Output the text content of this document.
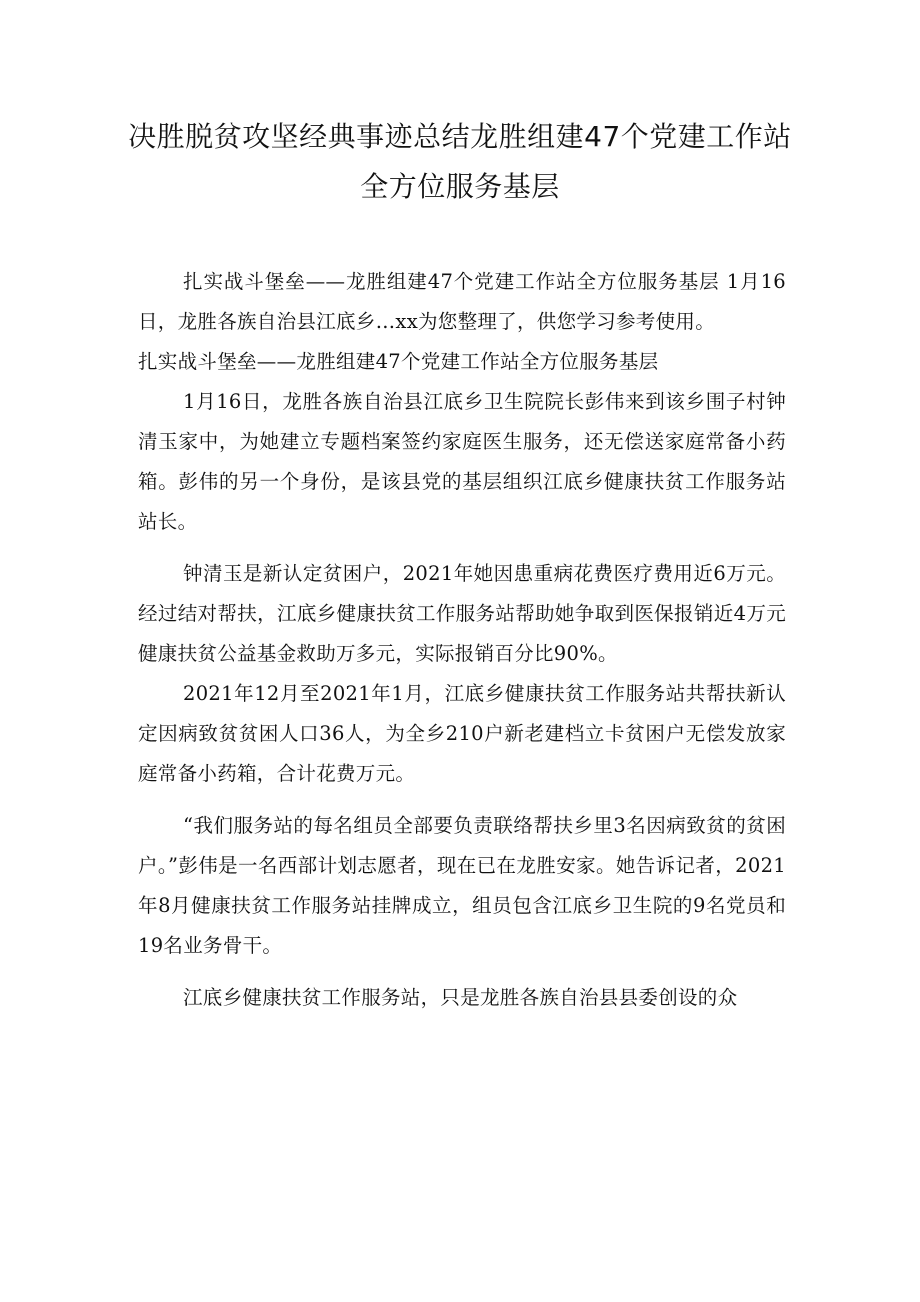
决胜脱贫攻坚经典事迹总结龙胜组建47个党建工作站全方位服务基层

扎实战斗堡垒——龙胜组建47个党建工作站全方位服务基层 1月16日，龙胜各族自治县江底乡…xx为您整理了，供您学习参考使用。

扎实战斗堡垒——龙胜组建47个党建工作站全方位服务基层

1月16日，龙胜各族自治县江底乡卫生院院长彭伟来到该乡围子村钟清玉家中，为她建立专题档案签约家庭医生服务，还无偿送家庭常备小药箱。彭伟的另一个身份，是该县党的基层组织江底乡健康扶贫工作服务站站长。

钟清玉是新认定贫困户，2021年她因患重病花费医疗费用近6万元。经过结对帮扶，江底乡健康扶贫工作服务站帮助她争取到医保报销近4万元健康扶贫公益基金救助万多元，实际报销百分比90%。

2021年12月至2021年1月，江底乡健康扶贫工作服务站共帮扶新认定因病致贫贫困人口36人，为全乡210户新老建档立卡贫困户无偿发放家庭常备小药箱，合计花费万元。

“我们服务站的每名组员全部要负责联络帮扶乡里3名因病致贫的贫困户。”彭伟是一名西部计划志愿者，现在已在龙胜安家。她告诉记者，2021年8月健康扶贫工作服务站挂牌成立，组员包含江底乡卫生院的9名党员和19名业务骨干。

江底乡健康扶贫工作服务站，只是龙胜各族自治县县委创设的众
